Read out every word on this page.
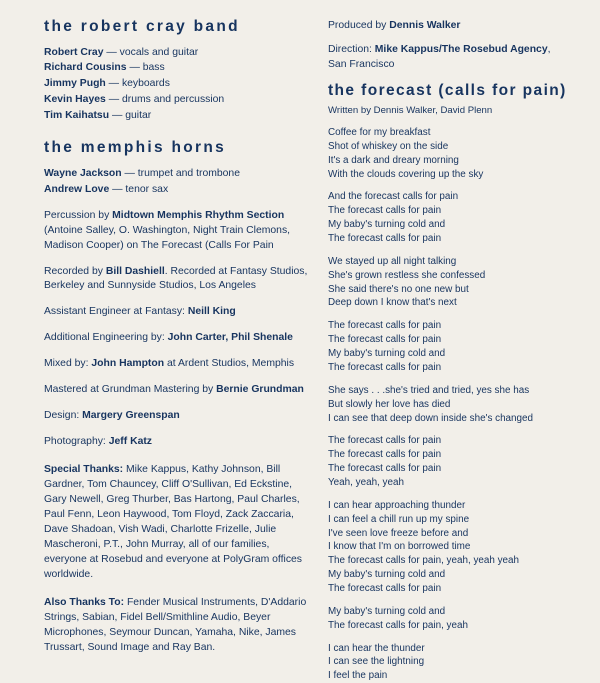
the robert cray band

Robert Cray — vocals and guitar

Richard Cousins — bass

Jimmy Pugh — keyboards

Kevin Hayes — drums and percussion

Tim Kaihatsu — guitar

the memphis horns

Wayne Jackson — trumpet and trombone

Andrew Love — tenor sax

Percussion by Midtown Memphis Rhythm Section (Antoine Salley, O. Washington, Night Train Clemons, Madison Cooper) on The Forecast (Calls For Pain

Recorded by Bill Dashiell. Recorded at Fantasy Studios, Berkeley and Sunnyside Studios, Los Angeles

Assistant Engineer at Fantasy: Neill King

Additional Engineering by: John Carter, Phil Shenale

Mixed by: John Hampton at Ardent Studios, Memphis

Mastered at Grundman Mastering by Bernie Grundman

Design: Margery Greenspan

Photography: Jeff Katz

Special Thanks: Mike Kappus, Kathy Johnson, Bill Gardner, Tom Chauncey, Cliff O'Sullivan, Ed Eckstine, Gary Newell, Greg Thurber, Bas Hartong, Paul Charles, Paul Fenn, Leon Haywood, Tom Floyd, Zack Zaccaria, Dave Shadoan, Vish Wadi, Charlotte Frizelle, Julie Mascheroni, P.T., John Murray, all of our families, everyone at Rosebud and everyone at PolyGram offices worldwide.

Also Thanks To: Fender Musical Instruments, D'Addario Strings, Sabian, Fidel Bell/Smithline Audio, Beyer Microphones, Seymour Duncan, Yamaha, Nike, James Trussart, Sound Image and Ray Ban.

Produced by Dennis Walker

Direction: Mike Kappus/The Rosebud Agency,

San Francisco

the forecast (calls for pain)

Written by Dennis Walker, David Plenn

Coffee for my breakfast
Shot of whiskey on the side
It's a dark and dreary morning
With the clouds covering up the sky
And the forecast calls for pain
The forecast calls for pain
My baby's turning cold and
The forecast calls for pain
We stayed up all night talking
She's grown restless she confessed
She said there's no one new but
Deep down I know that's next
The forecast calls for pain
The forecast calls for pain
My baby's turning cold and
The forecast calls for pain
She says . . .she's tried and tried, yes she has
But slowly her love has died
I can see that deep down inside she's changed
The forecast calls for pain
The forecast calls for pain
The forecast calls for pain
Yeah, yeah, yeah
I can hear approaching thunder
I can feel a chill run up my spine
I've seen love freeze before and
I know that I'm on borrowed time
The forecast calls for pain, yeah, yeah yeah
My baby's turning cold and
The forecast calls for pain
My baby's turning cold and
The forecast calls for pain, yeah
I can hear the thunder
I can see the lightning
I feel the pain
